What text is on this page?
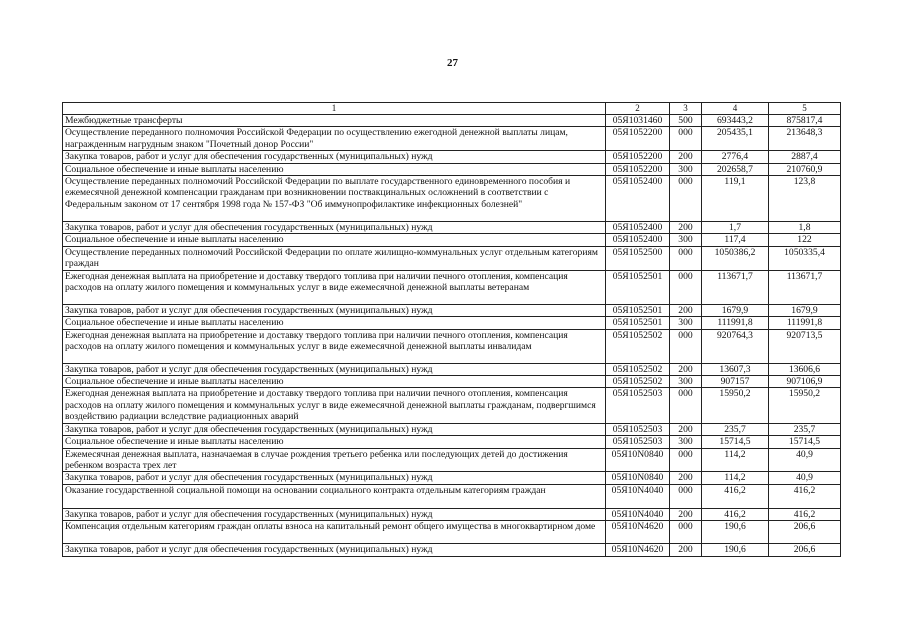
27
1	2	3	4	5
Межбюджетные трансферты	05Я1031460	500	693443,2	875817,4
Осуществление переданного полномочия Российской Федерации по осуществлению ежегодной денежной выплаты лицам, награжденным нагрудным знаком "Почетный донор России"	05Я1052200	000	205435,1	213648,3
Закупка товаров, работ и услуг для обеспечения государственных (муниципальных) нужд	05Я1052200	200	2776,4	2887,4
Социальное обеспечение и иные выплаты населению	05Я1052200	300	202658,7	210760,9
Осуществление переданных полномочий Российской Федерации по выплате государственного единовременного пособия и ежемесячной денежной компенсации гражданам при возникновении поствакцинальных осложнений в соответствии с Федеральным законом от 17 сентября 1998 года № 157-ФЗ "Об иммунопрофилактике инфекционных болезней"	05Я1052400	000	119,1	123,8
Закупка товаров, работ и услуг для обеспечения государственных (муниципальных) нужд	05Я1052400	200	1,7	1,8
Социальное обеспечение и иные выплаты населению	05Я1052400	300	117,4	122
Осуществление переданных полномочий Российской Федерации по оплате жилищно-коммунальных услуг отдельным категориям граждан	05Я1052500	000	1050386,2	1050335,4
Ежегодная денежная выплата на приобретение и доставку твердого топлива при наличии печного отопления, компенсация расходов на оплату жилого помещения и коммунальных услуг в виде ежемесячной денежной выплаты ветеранам	05Я1052501	000	113671,7	113671,7
Закупка товаров, работ и услуг для обеспечения государственных (муниципальных) нужд	05Я1052501	200	1679,9	1679,9
Социальное обеспечение и иные выплаты населению	05Я1052501	300	111991,8	111991,8
Ежегодная денежная выплата на приобретение и доставку твердого топлива при наличии печного отопления, компенсация расходов на оплату жилого помещения и коммунальных услуг в виде ежемесячной денежной выплаты инвалидам	05Я1052502	000	920764,3	920713,5
Закупка товаров, работ и услуг для обеспечения государственных (муниципальных) нужд	05Я1052502	200	13607,3	13606,6
Социальное обеспечение и иные выплаты населению	05Я1052502	300	907157	907106,9
Ежегодная денежная выплата на приобретение и доставку твердого топлива при наличии печного отопления, компенсация расходов на оплату жилого помещения и коммунальных услуг в виде ежемесячной денежной выплаты гражданам, подвергшимся воздействию радиации вследствие радиационных аварий	05Я1052503	000	15950,2	15950,2
Закупка товаров, работ и услуг для обеспечения государственных (муниципальных) нужд	05Я1052503	200	235,7	235,7
Социальное обеспечение и иные выплаты населению	05Я1052503	300	15714,5	15714,5
Ежемесячная денежная выплата, назначаемая в случае рождения третьего ребенка или последующих детей до достижения ребенком возраста трех лет	05Я10N0840	000	114,2	40,9
Закупка товаров, работ и услуг для обеспечения государственных (муниципальных) нужд	05Я10N0840	200	114,2	40,9
Оказание государственной социальной помощи на основании социального контракта отдельным категориям граждан	05Я10N4040	000	416,2	416,2
Закупка товаров, работ и услуг для обеспечения государственных (муниципальных) нужд	05Я10N4040	200	416,2	416,2
Компенсация отдельным категориям граждан оплаты взноса на капитальный ремонт общего имущества в многоквартирном доме	05Я10N4620	000	190,6	206,6
Закупка товаров, работ и услуг для обеспечения государственных (муниципальных) нужд	05Я10N4620	200	190,6	206,6
